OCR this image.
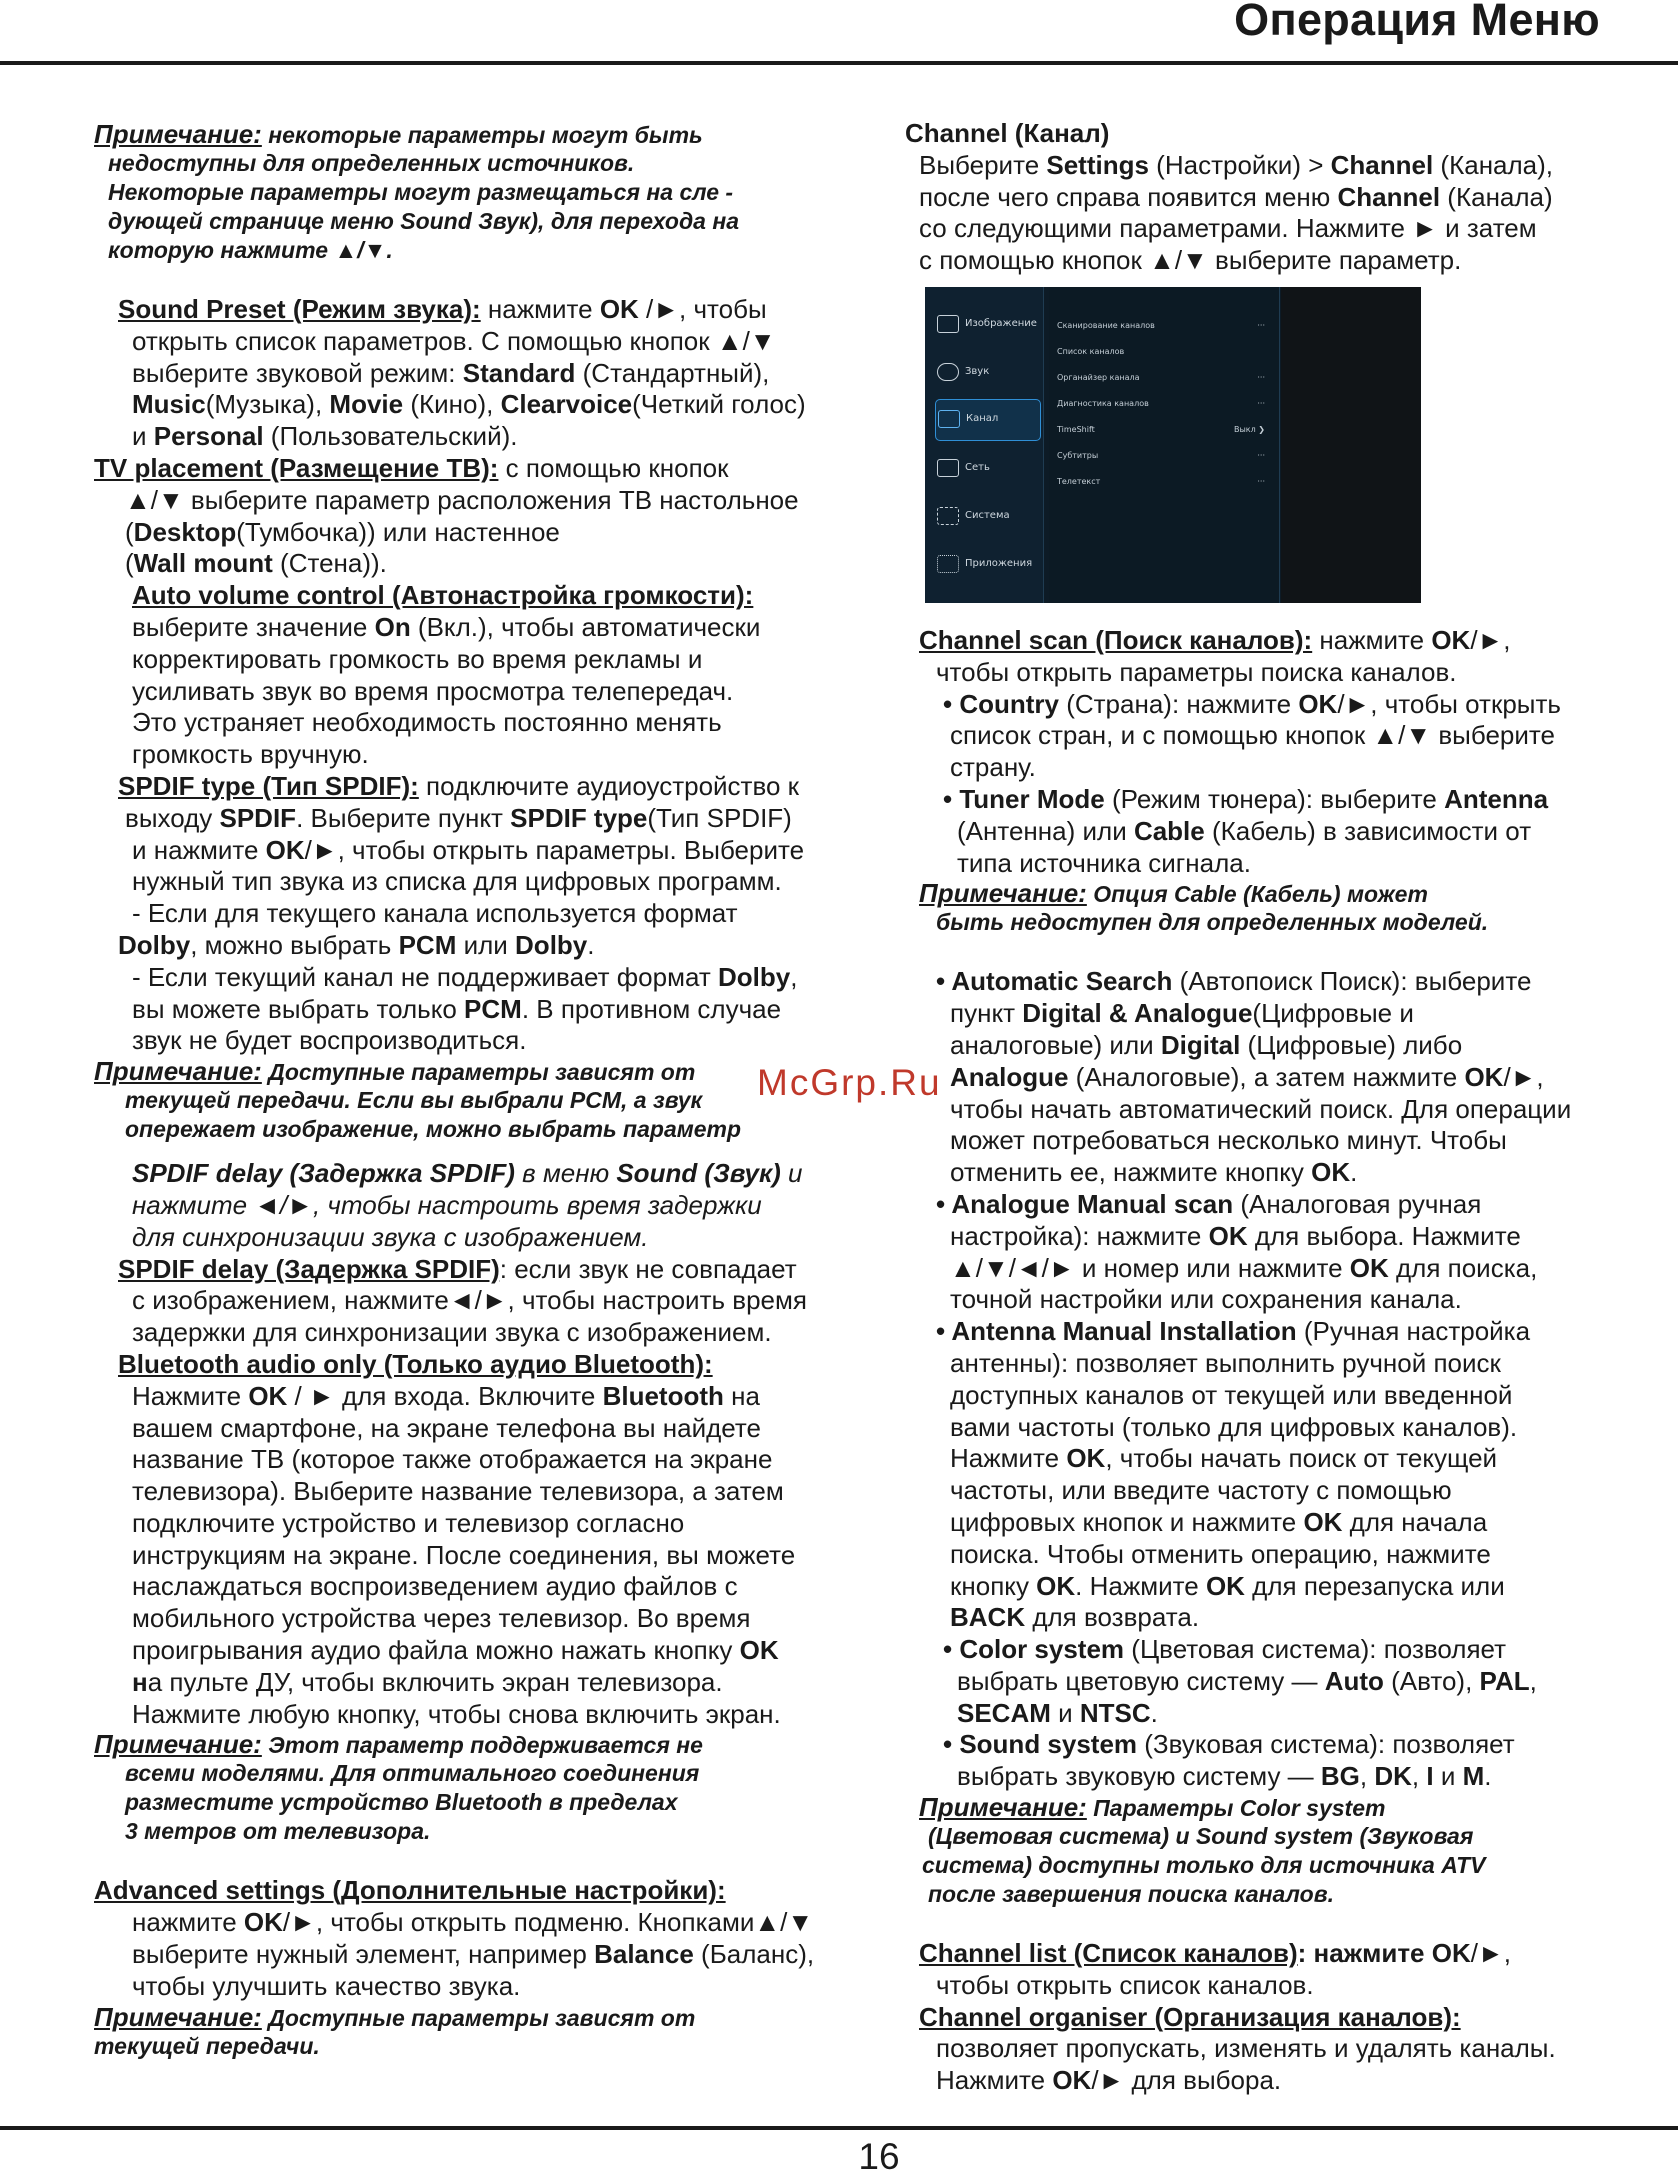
Операция Меню
Примечание: некоторые параметры могут быть
недоступны для определенных источников.
Некоторые параметры могут размещаться на сле -
дующей странице меню Sound Звук), для перехода на
которую нажмите ▲/▼.
Sound Preset (Режим звука): нажмите OK /►, чтобы
открыть список параметров. С помощью кнопок ▲/▼
выберите звуковой режим: Standard (Стандартный),
Music(Музыка), Movie (Кино), Clearvoice(Четкий голос)
и Personal (Пользовательский).
TV placement (Размещение ТВ): с помощью кнопок
▲/▼ выберите параметр расположения ТВ настольное
(Desktop(Тумбочка)) или настенное
(Wall mount (Стена)).
Auto volume control (Автонастройка громкости):
выберите значение On (Вкл.), чтобы автоматически
корректировать громкость во время рекламы и
усиливать звук во время просмотра телепередач.
Это устраняет необходимость постоянно менять
громкость вручную.
SPDIF type (Тип SPDIF): подключите аудиоустройство к
выходу SPDIF. Выберите пункт SPDIF type(Тип SPDIF)
и нажмите OK/►, чтобы открыть параметры. Выберите
нужный тип звука из списка для цифровых программ.
- Если для текущего канала используется формат
Dolby, можно выбрать PCM или Dolby.
- Если текущий канал не поддерживает формат Dolby,
вы можете выбрать только PCM. В противном случае
звук не будет воспроизводиться.
Примечание: Доступные параметры зависят от
текущей передачи. Если вы выбрали PCM, а звук
опережает изображение, можно выбрать параметр
SPDIF delay (Задержка SPDIF) в меню Sound (Звук) и
нажмите ◄/►, чтобы настроить время задержки
для синхронизации звука с изображением.
SPDIF delay (Задержка SPDIF): если звук не совпадает
с изображением, нажмите◄/►, чтобы настроить время
задержки для синхронизации звука с изображением.
Bluetooth audio only (Только аудио Bluetooth):
Нажмите OK / ► для входа. Включите Bluetooth на
вашем смартфоне, на экране телефона вы найдете
название ТВ (которое также отображается на экране
телевизора). Выберите название телевизора, а затем
подключите устройство и телевизор согласно
инструкциям на экране. После соединения, вы можете
наслаждаться воспроизведением аудио файлов с
мобильного устройства через телевизор. Во время
проигрывания аудио файла можно нажать кнопку OK
на пульте ДУ, чтобы включить экран телевизора.
Нажмите любую кнопку, чтобы снова включить экран.
Примечание: Этот параметр поддерживается не
всеми моделями. Для оптимального соединения
разместите устройство Bluetooth в пределах
3 метров от телевизора.
Advanced settings (Дополнительные настройки):
нажмите OK/►, чтобы открыть подменю. Кнопками▲/▼
выберите нужный элемент, например Balance (Баланс),
чтобы улучшить качество звука.
Примечание: Доступные параметры зависят от
текущей передачи.
Channel (Канал)
Выберите Settings (Настройки) > Channel (Канала),
после чего справа появится меню Channel (Канала)
со следующими параметрами. Нажмите ► и затем
с помощью кнопок ▲/▼ выберите параметр.
Изображение
Звук
Канал
Сеть
Система
Приложения
Сканирование каналов	···
Список каналов
Органайзер канала	···
Диагностика каналов	···
TimeShift	Выкл ❯
Субтитры	···
Телетекст	···
Channel scan (Поиск каналов): нажмите OK/►,
чтобы открыть параметры поиска каналов.
• Country (Страна): нажмите OK/►, чтобы открыть
список стран, и с помощью кнопок ▲/▼ выберите
страну.
• Tuner Mode (Режим тюнера): выберите Antenna
(Антенна) или Cable (Кабель) в зависимости от
типа источника сигнала.
Примечание: Опция Cable (Кабель) может
быть недоступен для определенных моделей.
• Automatic Search (Автопоиск Поиск): выберите
пункт Digital & Analogue(Цифровые и
аналоговые) или Digital (Цифровые) либо
Analogue (Аналоговые), а затем нажмите OK/►,
чтобы начать автоматический поиск. Для операции
может потребоваться несколько минут. Чтобы
отменить ее, нажмите кнопку OK.
• Analogue Manual scan (Аналоговая ручная
настройка): нажмите OK для выбора. Нажмите
▲/▼/◄/► и номер или нажмите OK для поиска,
точной настройки или сохранения канала.
• Antenna Manual Installation (Ручная настройка
антенны): позволяет выполнить ручной поиск
доступных каналов от текущей или введенной
вами частоты (только для цифровых каналов).
Нажмите OK, чтобы начать поиск от текущей
частоты, или введите частоту с помощью
цифровых кнопок и нажмите OK для начала
поиска. Чтобы отменить операцию, нажмите
кнопку OK. Нажмите OK для перезапуска или
BACK для возврата.
• Color system (Цветовая система): позволяет
выбрать цветовую систему — Auto (Авто), PAL,
SECAM и NTSC.
• Sound system (Звуковая система): позволяет
выбрать звуковую систему — BG, DK, I и M.
Примечание: Параметры Color system
(Цветовая система) и Sound system (Звуковая
система) доступны только для источника ATV
после завершения поиска каналов.
Channel list (Список каналов): нажмите OK/►,
чтобы открыть список каналов.
Channel organiser (Организация каналов):
позволяет пропускать, изменять и удалять каналы.
Нажмите OK/► для выбора.
McGrp.Ru
16
